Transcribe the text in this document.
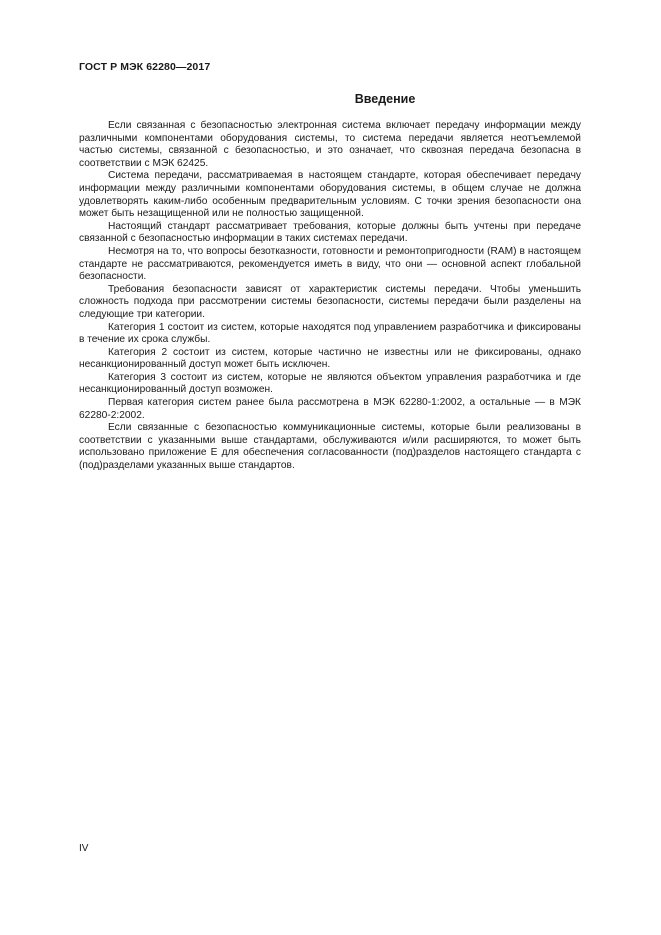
ГОСТ Р МЭК 62280—2017
Введение

Если связанная с безопасностью электронная система включает передачу информации между различными компонентами оборудования системы, то система передачи является неотъемлемой частью системы, связанной с безопасностью, и это означает, что сквозная передача безопасна в соответствии с МЭК 62425.

Система передачи, рассматриваемая в настоящем стандарте, которая обеспечивает передачу информации между различными компонентами оборудования системы, в общем случае не должна удовлетворять каким-либо особенным предварительным условиям. С точки зрения безопасности она может быть незащищенной или не полностью защищенной.

Настоящий стандарт рассматривает требования, которые должны быть учтены при передаче связанной с безопасностью информации в таких системах передачи.

Несмотря на то, что вопросы безотказности, готовности и ремонтопригодности (RAM) в настоящем стандарте не рассматриваются, рекомендуется иметь в виду, что они — основной аспект глобальной безопасности.

Требования безопасности зависят от характеристик системы передачи. Чтобы уменьшить сложность подхода при рассмотрении системы безопасности, системы передачи были разделены на следующие три категории.

Категория 1 состоит из систем, которые находятся под управлением разработчика и фиксированы в течение их срока службы.

Категория 2 состоит из систем, которые частично не известны или не фиксированы, однако несанкционированный доступ может быть исключен.

Категория 3 состоит из систем, которые не являются объектом управления разработчика и где несанкционированный доступ возможен.

Первая категория систем ранее была рассмотрена в МЭК 62280-1:2002, а остальные — в МЭК 62280-2:2002.

Если связанные с безопасностью коммуникационные системы, которые были реализованы в соответствии с указанными выше стандартами, обслуживаются и/или расширяются, то может быть использовано приложение Е для обеспечения согласованности (под)разделов настоящего стандарта с (под)разделами указанных выше стандартов.

IV
